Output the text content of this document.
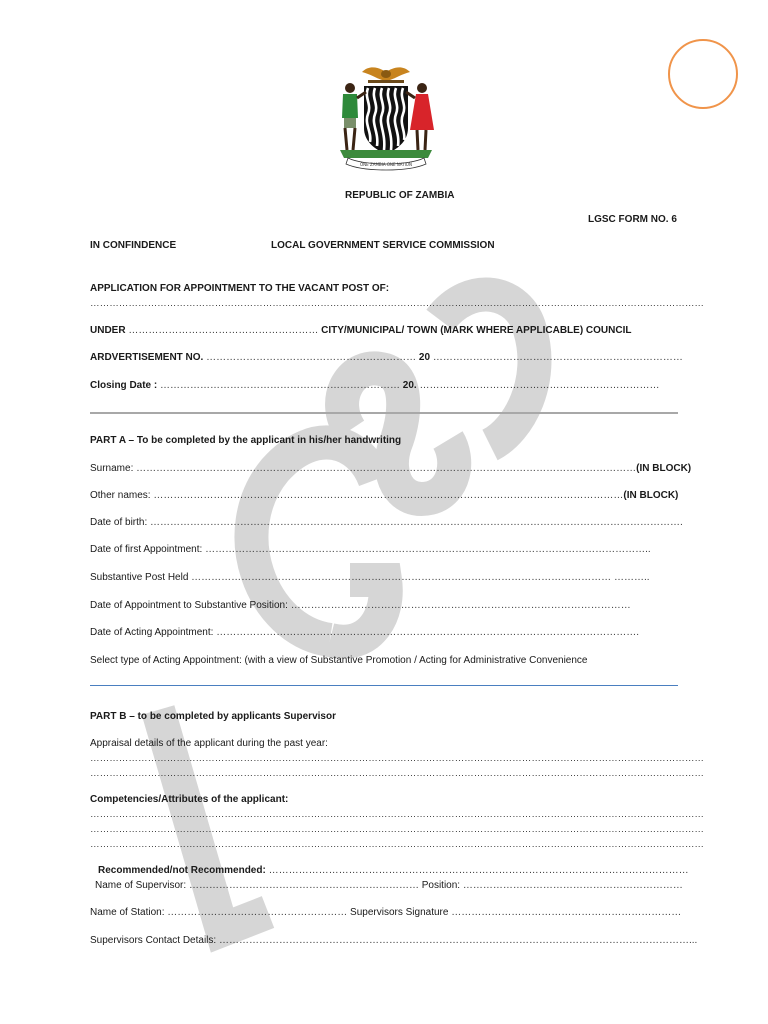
ONE ZAMBIA ONE NATION
REPUBLIC OF ZAMBIA
LGSC FORM NO. 6
IN CONFINDENCE	LOCAL GOVERNMENT SERVICE COMMISSION
APPLICATION FOR APPOINTMENT TO THE VACANT POST OF:
…………………………………………………………………………………………………………………………………………………………………………
UNDER ………………………………………………… CITY/MUNICIPAL/ TOWN (MARK WHERE APPLICABLE) COUNCIL
ARDVERTISEMENT NO. ……………………………………………………… 20 …………………………………………………………………
Closing Date : ……………………………………………………………… 20. ………………………………………………………………
PART A – To be completed by the applicant in his/her handwriting
Surname: ……………………………………………………………………………………………………………………………………(IN BLOCK)
Other names: ……………………………………………………………………………………………………………………………(IN BLOCK)
Date of birth: …………………………………………………………………………………………………………………………………………….
Date of first Appointment: ……………………………………………………………………………………………………………………..
Substantive Post Held ……………………………………………………………………………………………………………… ………..
Date of Appointment to Substantive Position: …………………………………………………………………………………………
Date of Acting Appointment: ……………………………………………………………………………………………………………….
Select type of Acting Appointment: (with a view of Substantive Promotion / Acting for Administrative Convenience
PART B – to be completed by applicants Supervisor
Appraisal details of the applicant during the past year:
…………………………………………………………………………………………………………………………………………………………………………
…………………………………………………………………………………………………………………………………………………………………………
Competencies/Attributes of the applicant:
…………………………………………………………………………………………………………………………………………………………………………
…………………………………………………………………………………………………………………………………………………………………………
…………………………………………………………………………………………………………………………………………………………………………
Recommended/not Recommended: ………………………………………………………………………………………………………………
Name of Supervisor: …………………………………………………………… Position: …………………………………………………………
Name of Station: ……………………………………………… Supervisors Signature ……………………………………………………………
Supervisors Contact Details: ……………………………………………………………………………………………………………………………...
